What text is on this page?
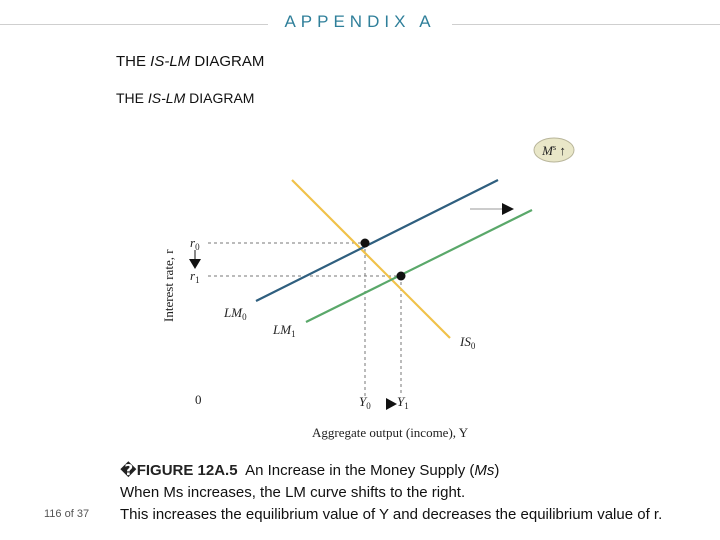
APPENDIX A
THE IS-LM DIAGRAM
THE IS-LM DIAGRAM
$M^s$ ↑
Interest rate, r
Aggregate output (income), Y
0
$r_0$
$r_1$
$Y_0$ $Y_1$
$LM_0$
$LM_1$	$IS_0$
�FIGURE 12A.5 An Increase in the Money Supply (Ms)
When Ms increases, the LM curve shifts to the right.
This increases the equilibrium value of Y and decreases the equilibrium value of r.
116 of 37
